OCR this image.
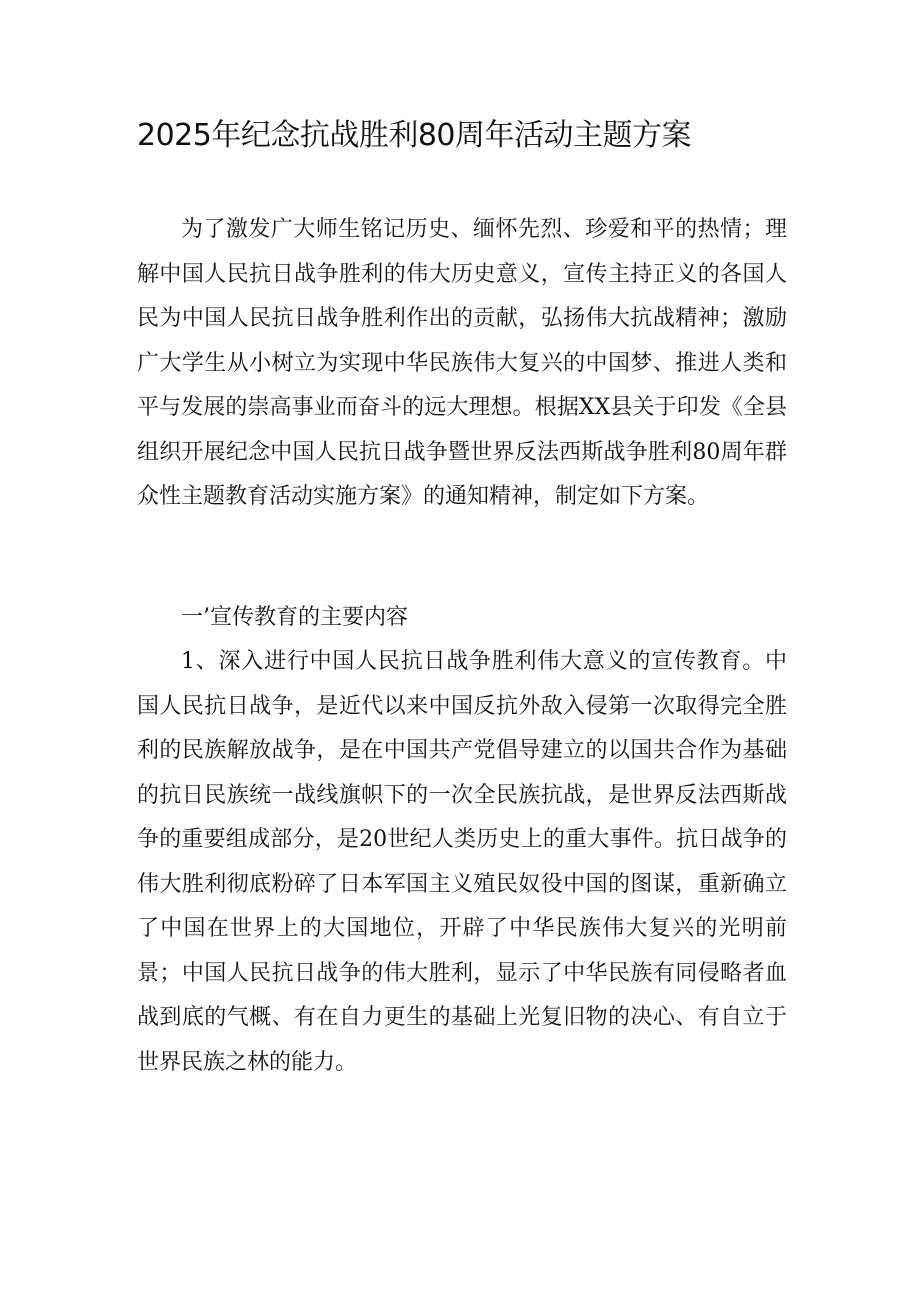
2025年纪念抗战胜利80周年活动主题方案

为了激发广大师生铭记历史、缅怀先烈、珍爱和平的热情；理解中国人民抗日战争胜利的伟大历史意义，宣传主持正义的各国人民为中国人民抗日战争胜利作出的贡献，弘扬伟大抗战精神；激励广大学生从小树立为实现中华民族伟大复兴的中国梦、推进人类和平与发展的崇高事业而奋斗的远大理想。根据XX县关于印发《全县组织开展纪念中国人民抗日战争暨世界反法西斯战争胜利80周年群众性主题教育活动实施方案》的通知精神，制定如下方案。

一’宣传教育的主要内容

1、深入进行中国人民抗日战争胜利伟大意义的宣传教育。中国人民抗日战争，是近代以来中国反抗外敌入侵第一次取得完全胜利的民族解放战争，是在中国共产党倡导建立的以国共合作为基础的抗日民族统一战线旗帜下的一次全民族抗战，是世界反法西斯战争的重要组成部分，是20世纪人类历史上的重大事件。抗日战争的伟大胜利彻底粉碎了日本军国主义殖民奴役中国的图谋，重新确立了中国在世界上的大国地位，开辟了中华民族伟大复兴的光明前景；中国人民抗日战争的伟大胜利，显示了中华民族有同侵略者血战到底的气概、有在自力更生的基础上光复旧物的决心、有自立于世界民族之林的能力。
